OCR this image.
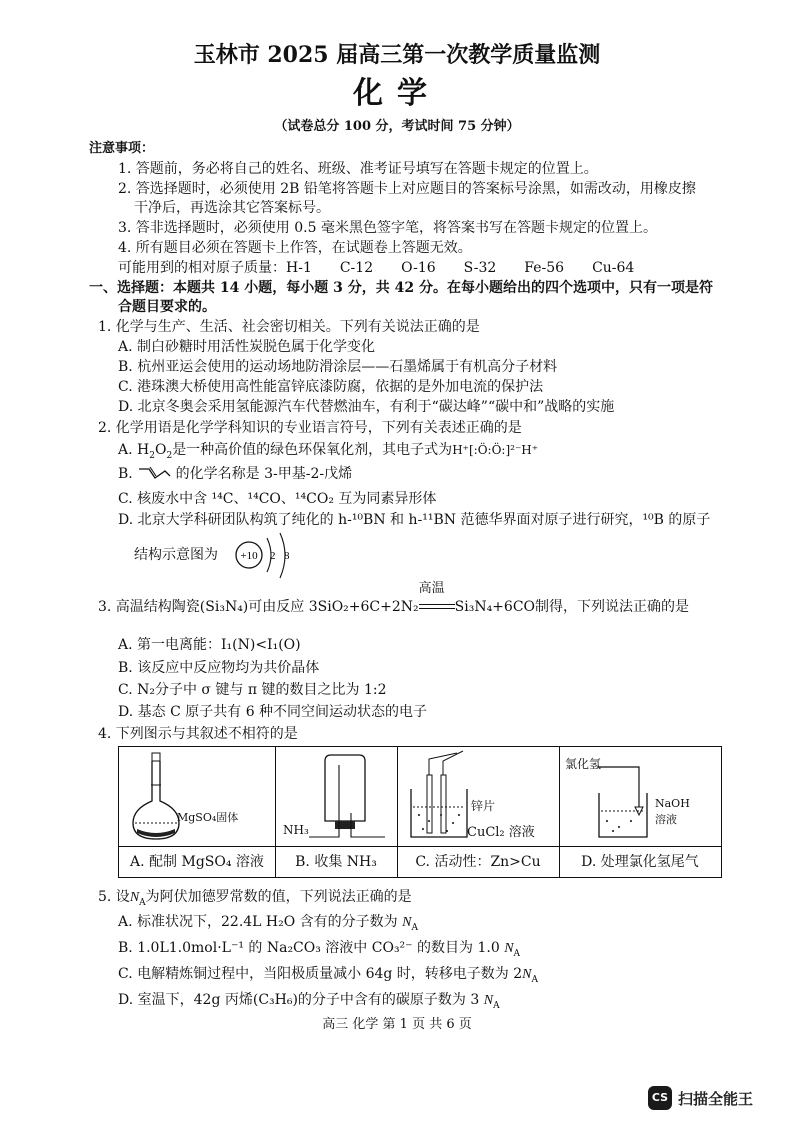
玉林市 2025 届高三第一次教学质量监测
化学
（试卷总分 100 分，考试时间 75 分钟）
注意事项：
1. 答题前，务必将自己的姓名、班级、准考证号填写在答题卡规定的位置上。
2. 答选择题时，必须使用 2B 铅笔将答题卡上对应题目的答案标号涂黑，如需改动，用橡皮擦
干净后，再选涂其它答案标号。
3. 答非选择题时，必须使用 0.5 毫米黑色签字笔，将答案书写在答题卡规定的位置上。
4. 所有题目必须在答题卡上作答，在试题卷上答题无效。
可能用到的相对原子质量：H-1　　C-12　　O-16　　S-32　　Fe-56　　Cu-64
一、选择题：本题共 14 小题，每小题 3 分，共 42 分。在每小题给出的四个选项中，只有一项是符
合题目要求的。
1. 化学与生产、生活、社会密切相关。下列有关说法正确的是
A. 制白砂糖时用活性炭脱色属于化学变化
B. 杭州亚运会使用的运动场地防滑涂层——石墨烯属于有机高分子材料
C. 港珠澳大桥使用高性能富锌底漆防腐，依据的是外加电流的保护法
D. 北京冬奥会采用氢能源汽车代替燃油车，有利于“碳达峰”“碳中和”战略的实施
2. 化学用语是化学学科知识的专业语言符号，下列有关表述正确的是
A. $H_2O_2$是一种高价值的绿色环保氧化剂，其电子式为H⁺[:Ö:Ö:]²⁻H⁺
B.	的化学名称是 3-甲基-2-戊烯
C. 核废水中含 ¹⁴C、¹⁴CO、¹⁴CO₂ 互为同素异形体
D. 北京大学科研团队构筑了纯化的 h-¹⁰BN 和 h-¹¹BN 范德华界面对原子进行研究，¹⁰B 的原子
结构示意图为 +10 2 8
3. 高温结构陶瓷(Si₃N₄)可由反应 3SiO₂+6C+2N₂
高温
Si₃N₄+6CO制得，下列说法正确的是
A. 第一电离能：I₁(N)<I₁(O)
B. 该反应中反应物均为共价晶体
C. N₂分子中 σ 键与 π 键的数目之比为 1:2
D. 基态 C 原子共有 6 种不同空间运动状态的电子
4. 下列图示与其叙述不相符的是
MgSO₄固体
A. 配制 MgSO₄ 溶液
NH₃
B. 收集 NH₃
锌片
CuCl₂ 溶液
C. 活动性：Zn>Cu
氯化氢
NaOH
溶液
D. 处理氯化氢尾气
5. 设$N_A$为阿伏加德罗常数的值，下列说法正确的是
A. 标准状况下，22.4L H₂O 含有的分子数为 $N_A$
B. 1.0L1.0mol·L⁻¹ 的 Na₂CO₃ 溶液中 CO₃²⁻ 的数目为 1.0 $N_A$
C. 电解精炼铜过程中，当阳极质量减小 64g 时，转移电子数为 $2N_A$
D. 室温下，42g 丙烯(C₃H₆)的分子中含有的碳原子数为 3 $N_A$
高三 化学 第 1 页 共 6 页
CS 扫描全能王
